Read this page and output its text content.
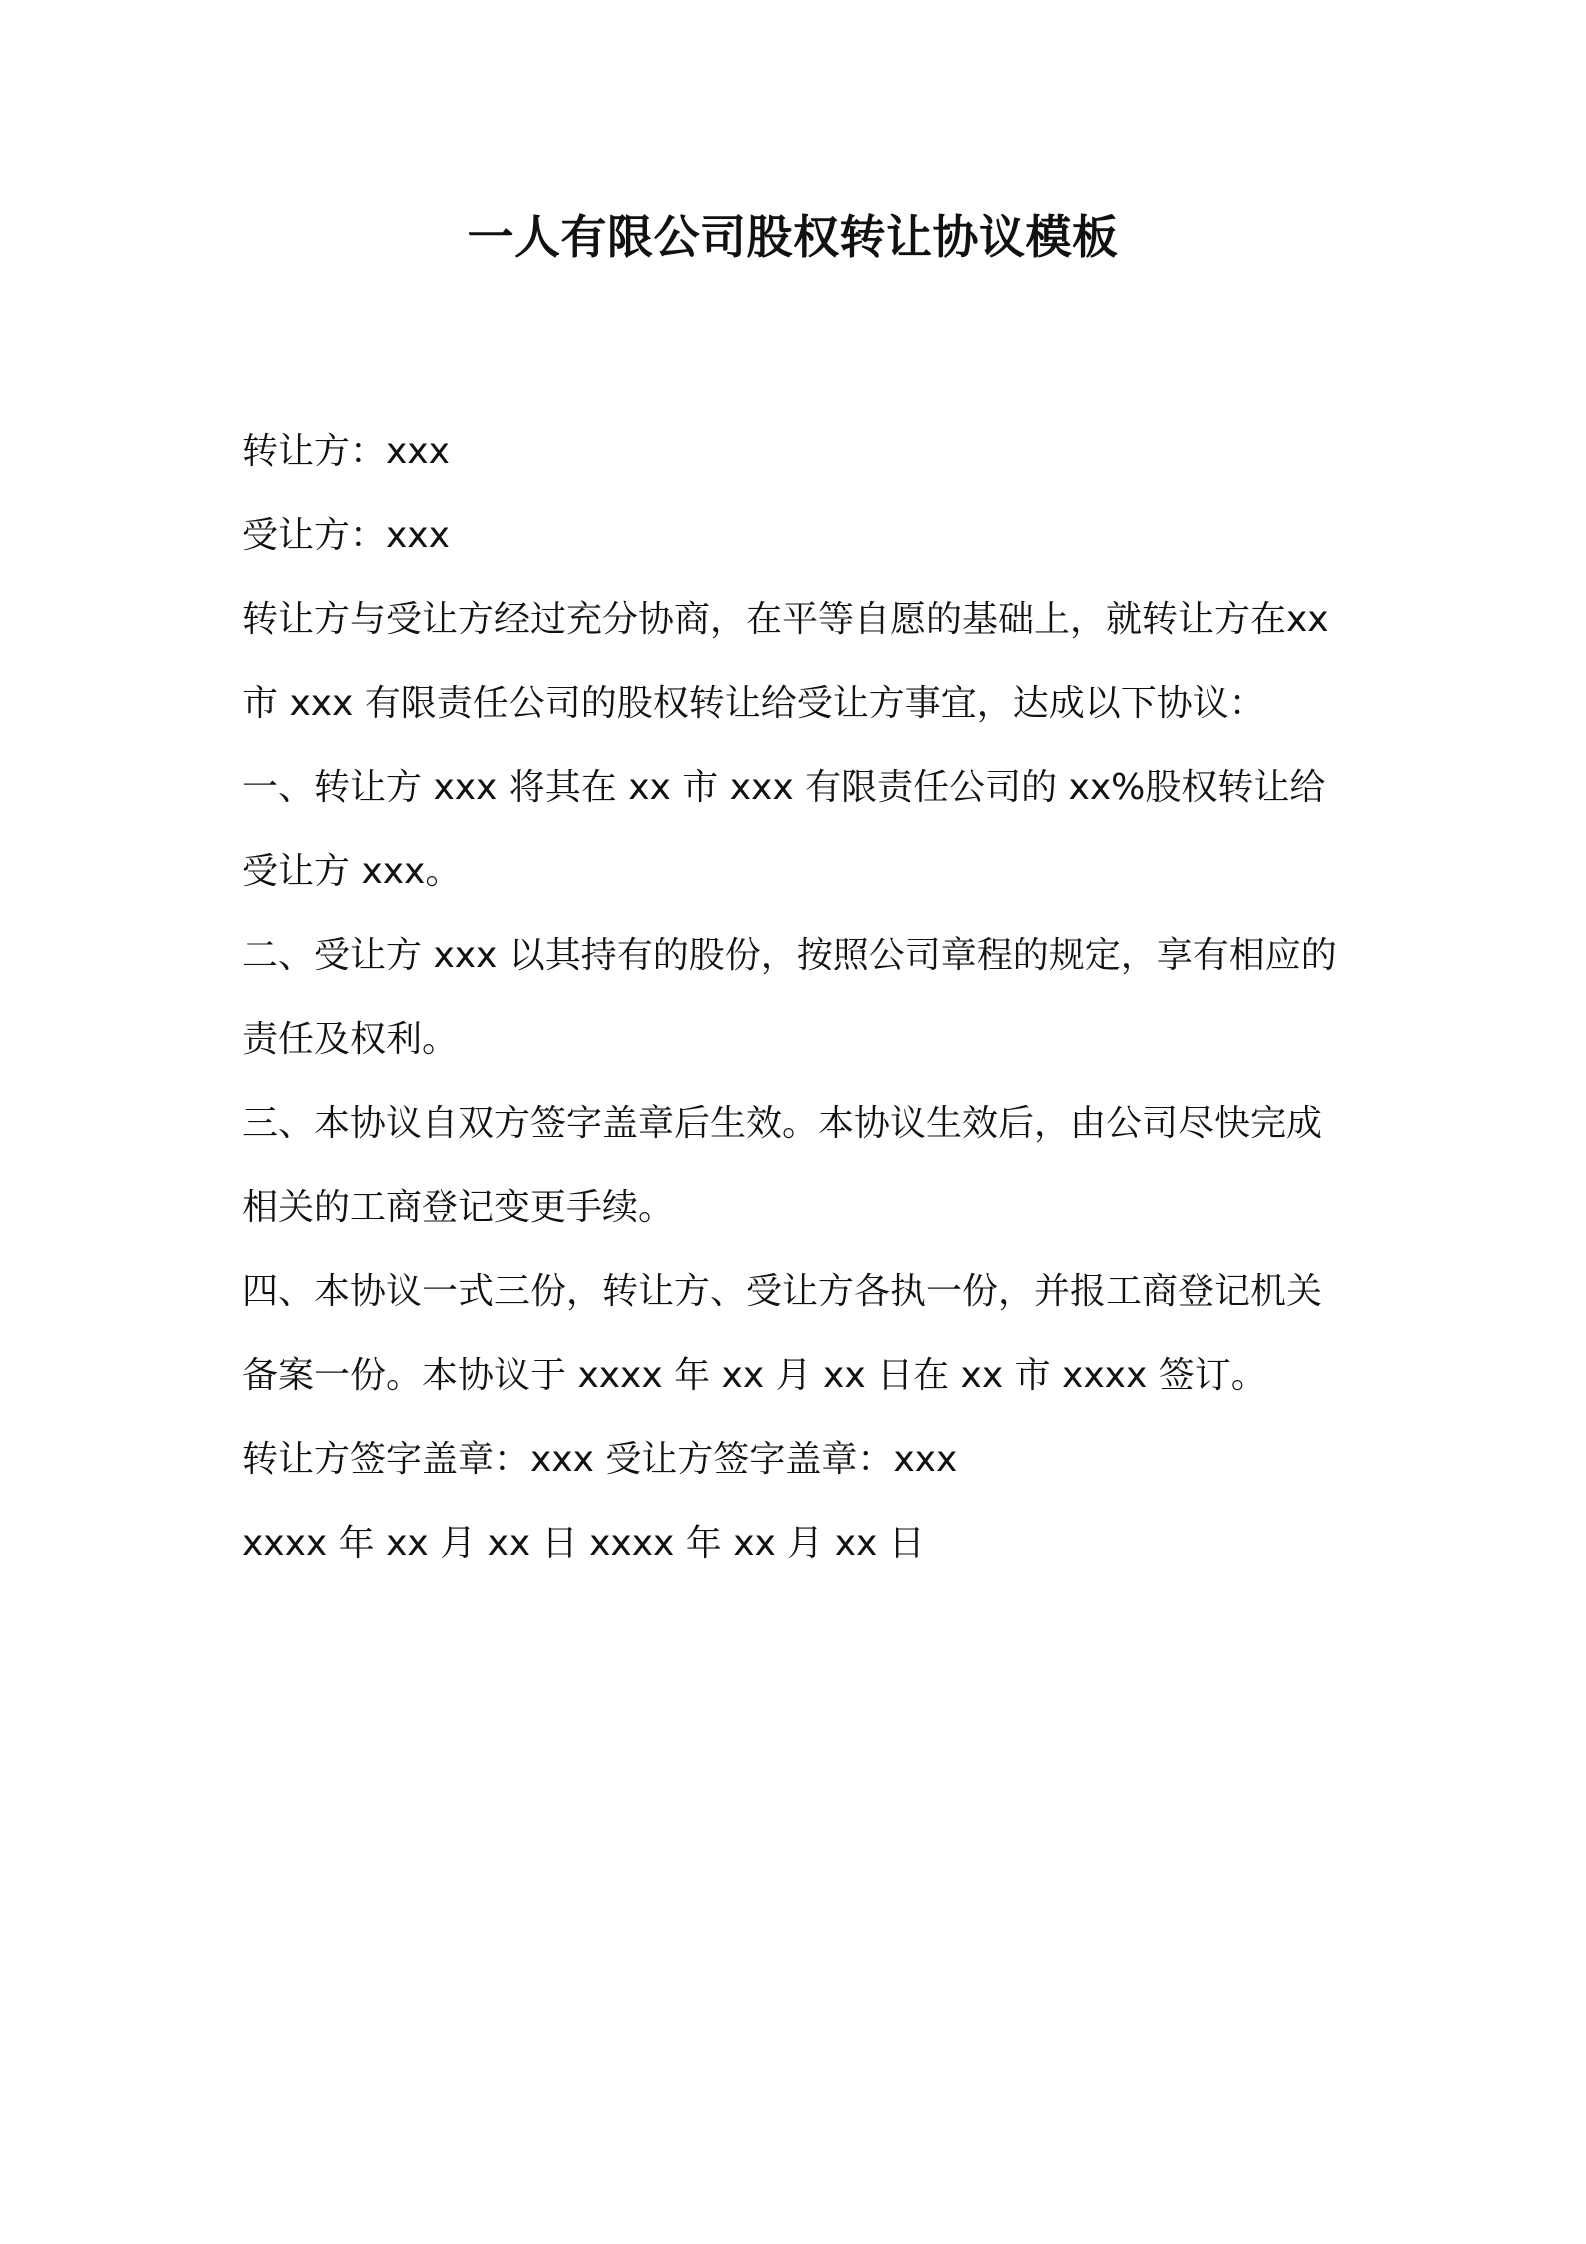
一人有限公司股权转让协议模板

转让方：xxx

受让方：xxx

转让方与受让方经过充分协商，在平等自愿的基础上，就转让方在xx 市 xxx 有限责任公司的股权转让给受让方事宜，达成以下协议：

一、转让方 xxx 将其在 xx 市 xxx 有限责任公司的 xx%股权转让给受让方 xxx。

二、受让方 xxx 以其持有的股份，按照公司章程的规定，享有相应的责任及权利。

三、本协议自双方签字盖章后生效。本协议生效后，由公司尽快完成相关的工商登记变更手续。

四、本协议一式三份，转让方、受让方各执一份，并报工商登记机关备案一份。本协议于 xxxx 年 xx 月 xx 日在 xx 市 xxxx 签订。

转让方签字盖章：xxx 受让方签字盖章：xxx

xxxx 年 xx 月 xx 日 xxxx 年 xx 月 xx 日
